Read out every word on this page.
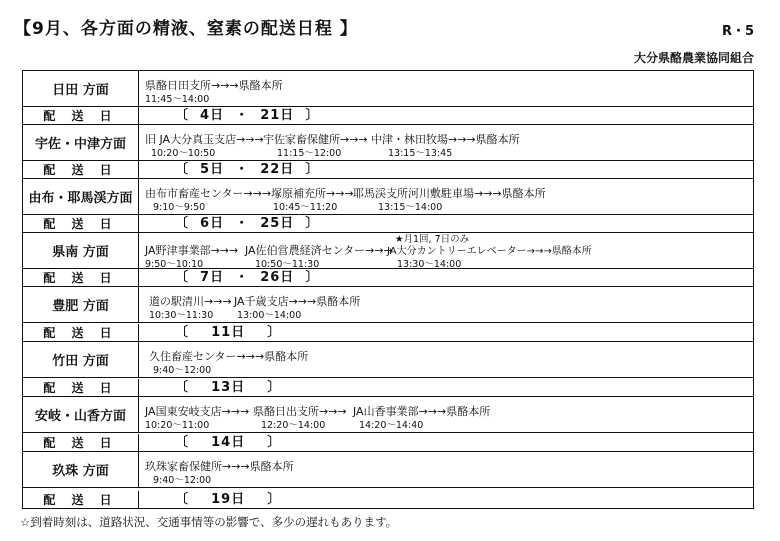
【9月、各方面の精液、窒素の配送日程 】	R・5
大分県酪農業協同組合
日田 方面	県酪日田支所→→→県酪本所
11:45～14:00
配 送 日	〔  4日  ・  21日  〕
宇佐・中津方面	旧 JA大分真玉支店→→→
10:20～10:50
宇佐家畜保健所→→→
11:15～12:00
中津・林田牧場→→→県酪本所
13:15～13:45
配 送 日	〔  5日  ・  22日  〕
由布・耶馬渓方面	由布市畜産センター→→→
9:10～9:50
塚原補充所→→→
10:45～11:20
耶馬渓支所河川敷駐車場→→→県酪本所
13:15～14:00
配 送 日	〔  6日  ・  25日  〕
県南 方面
★月1回, 7日のみ
JA野津事業部→→→
9:50～10:10
JA佐伯営農経済センター→→→
10:50～11:30
JA大分カントリーエレベーター→→→県酪本所
13:30～14:00
配 送 日	〔  7日  ・  26日  〕
豊肥 方面	道の駅清川→→→
10:30～11:30
JA千歳支店→→→県酪本所
13:00～14:00
配 送 日	〔    11日    〕
竹田 方面	久住畜産センター→→→県酪本所
9:40～12:00
配 送 日	〔    13日    〕
安岐・山香方面	JA国東安岐支店→→→
10:20～11:00
県酪日出支所→→→
12:20～14:00
JA山香事業部→→→県酪本所
14:20～14:40
配 送 日	〔    14日    〕
玖珠 方面	玖珠家畜保健所→→→県酪本所
9:40～12:00
配 送 日	〔    19日    〕
☆到着時刻は、道路状況、交通事情等の影響で、多少の遅れもあります。
